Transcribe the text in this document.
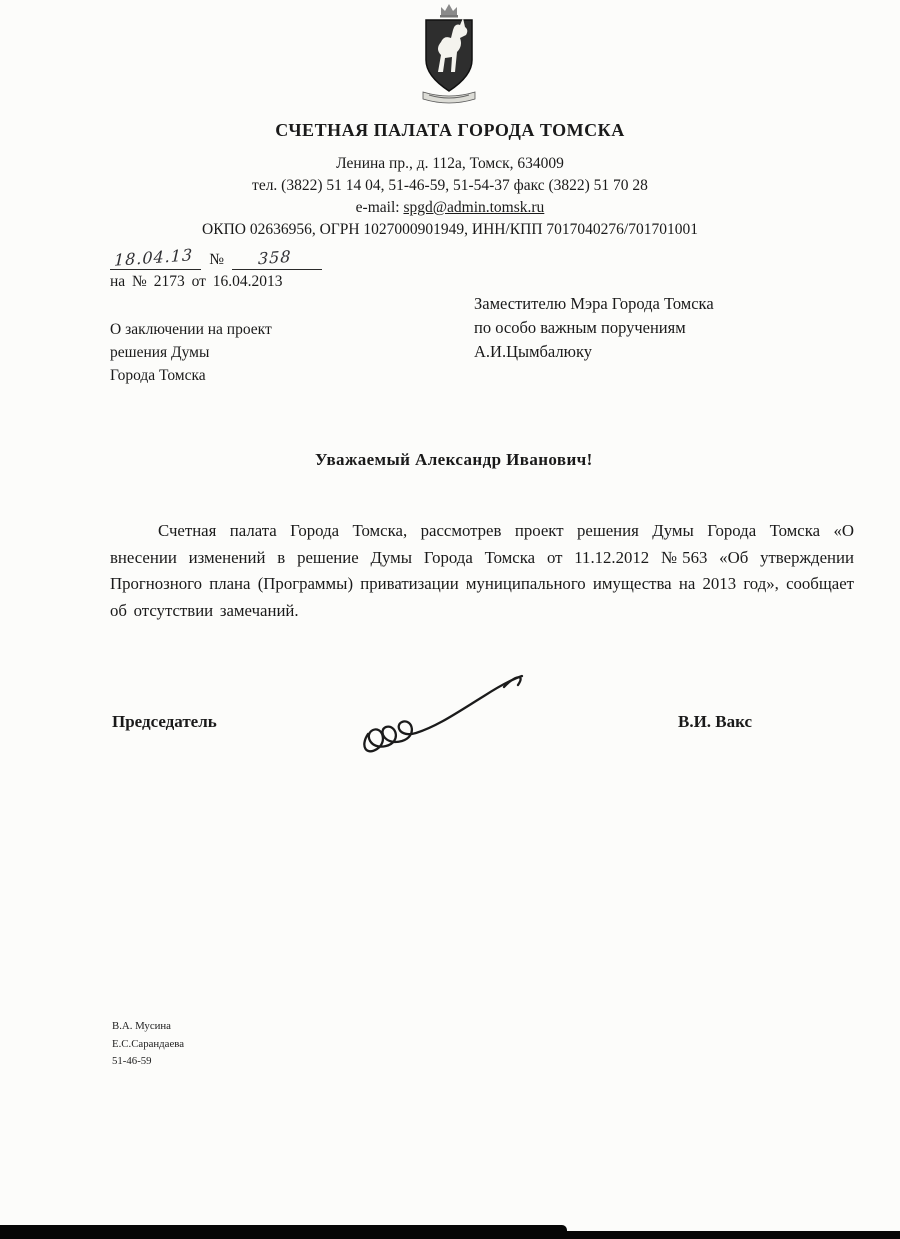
СЧЕТНАЯ ПАЛАТА ГОРОДА ТОМСКА
Ленина пр., д. 112а, Томск, 634009
тел. (3822) 51 14 04, 51-46-59, 51-54-37 факс (3822) 51 70 28
e-mail: spgd@admin.tomsk.ru
ОКПО 02636956, ОГРН 1027000901949, ИНН/КПП 7017040276/701701001
18.04.13	№	358
на № 2173 от 16.04.2013
О заключении на проект
решения Думы
Города Томска
Заместителю Мэра Города Томска
по особо важным поручениям
А.И.Цымбалюку
Уважаемый Александр Иванович!
Счетная палата Города Томска, рассмотрев проект решения Думы Города Томска «О внесении изменений в решение Думы Города Томска от 11.12.2012 №563 «Об утверждении Прогнозного плана (Программы) приватизации муниципального имущества на 2013 год», сообщает об отсутствии замечаний.
Председатель	В.И. Вакс
В.А. Мусина
Е.С.Сарандаева
51-46-59
